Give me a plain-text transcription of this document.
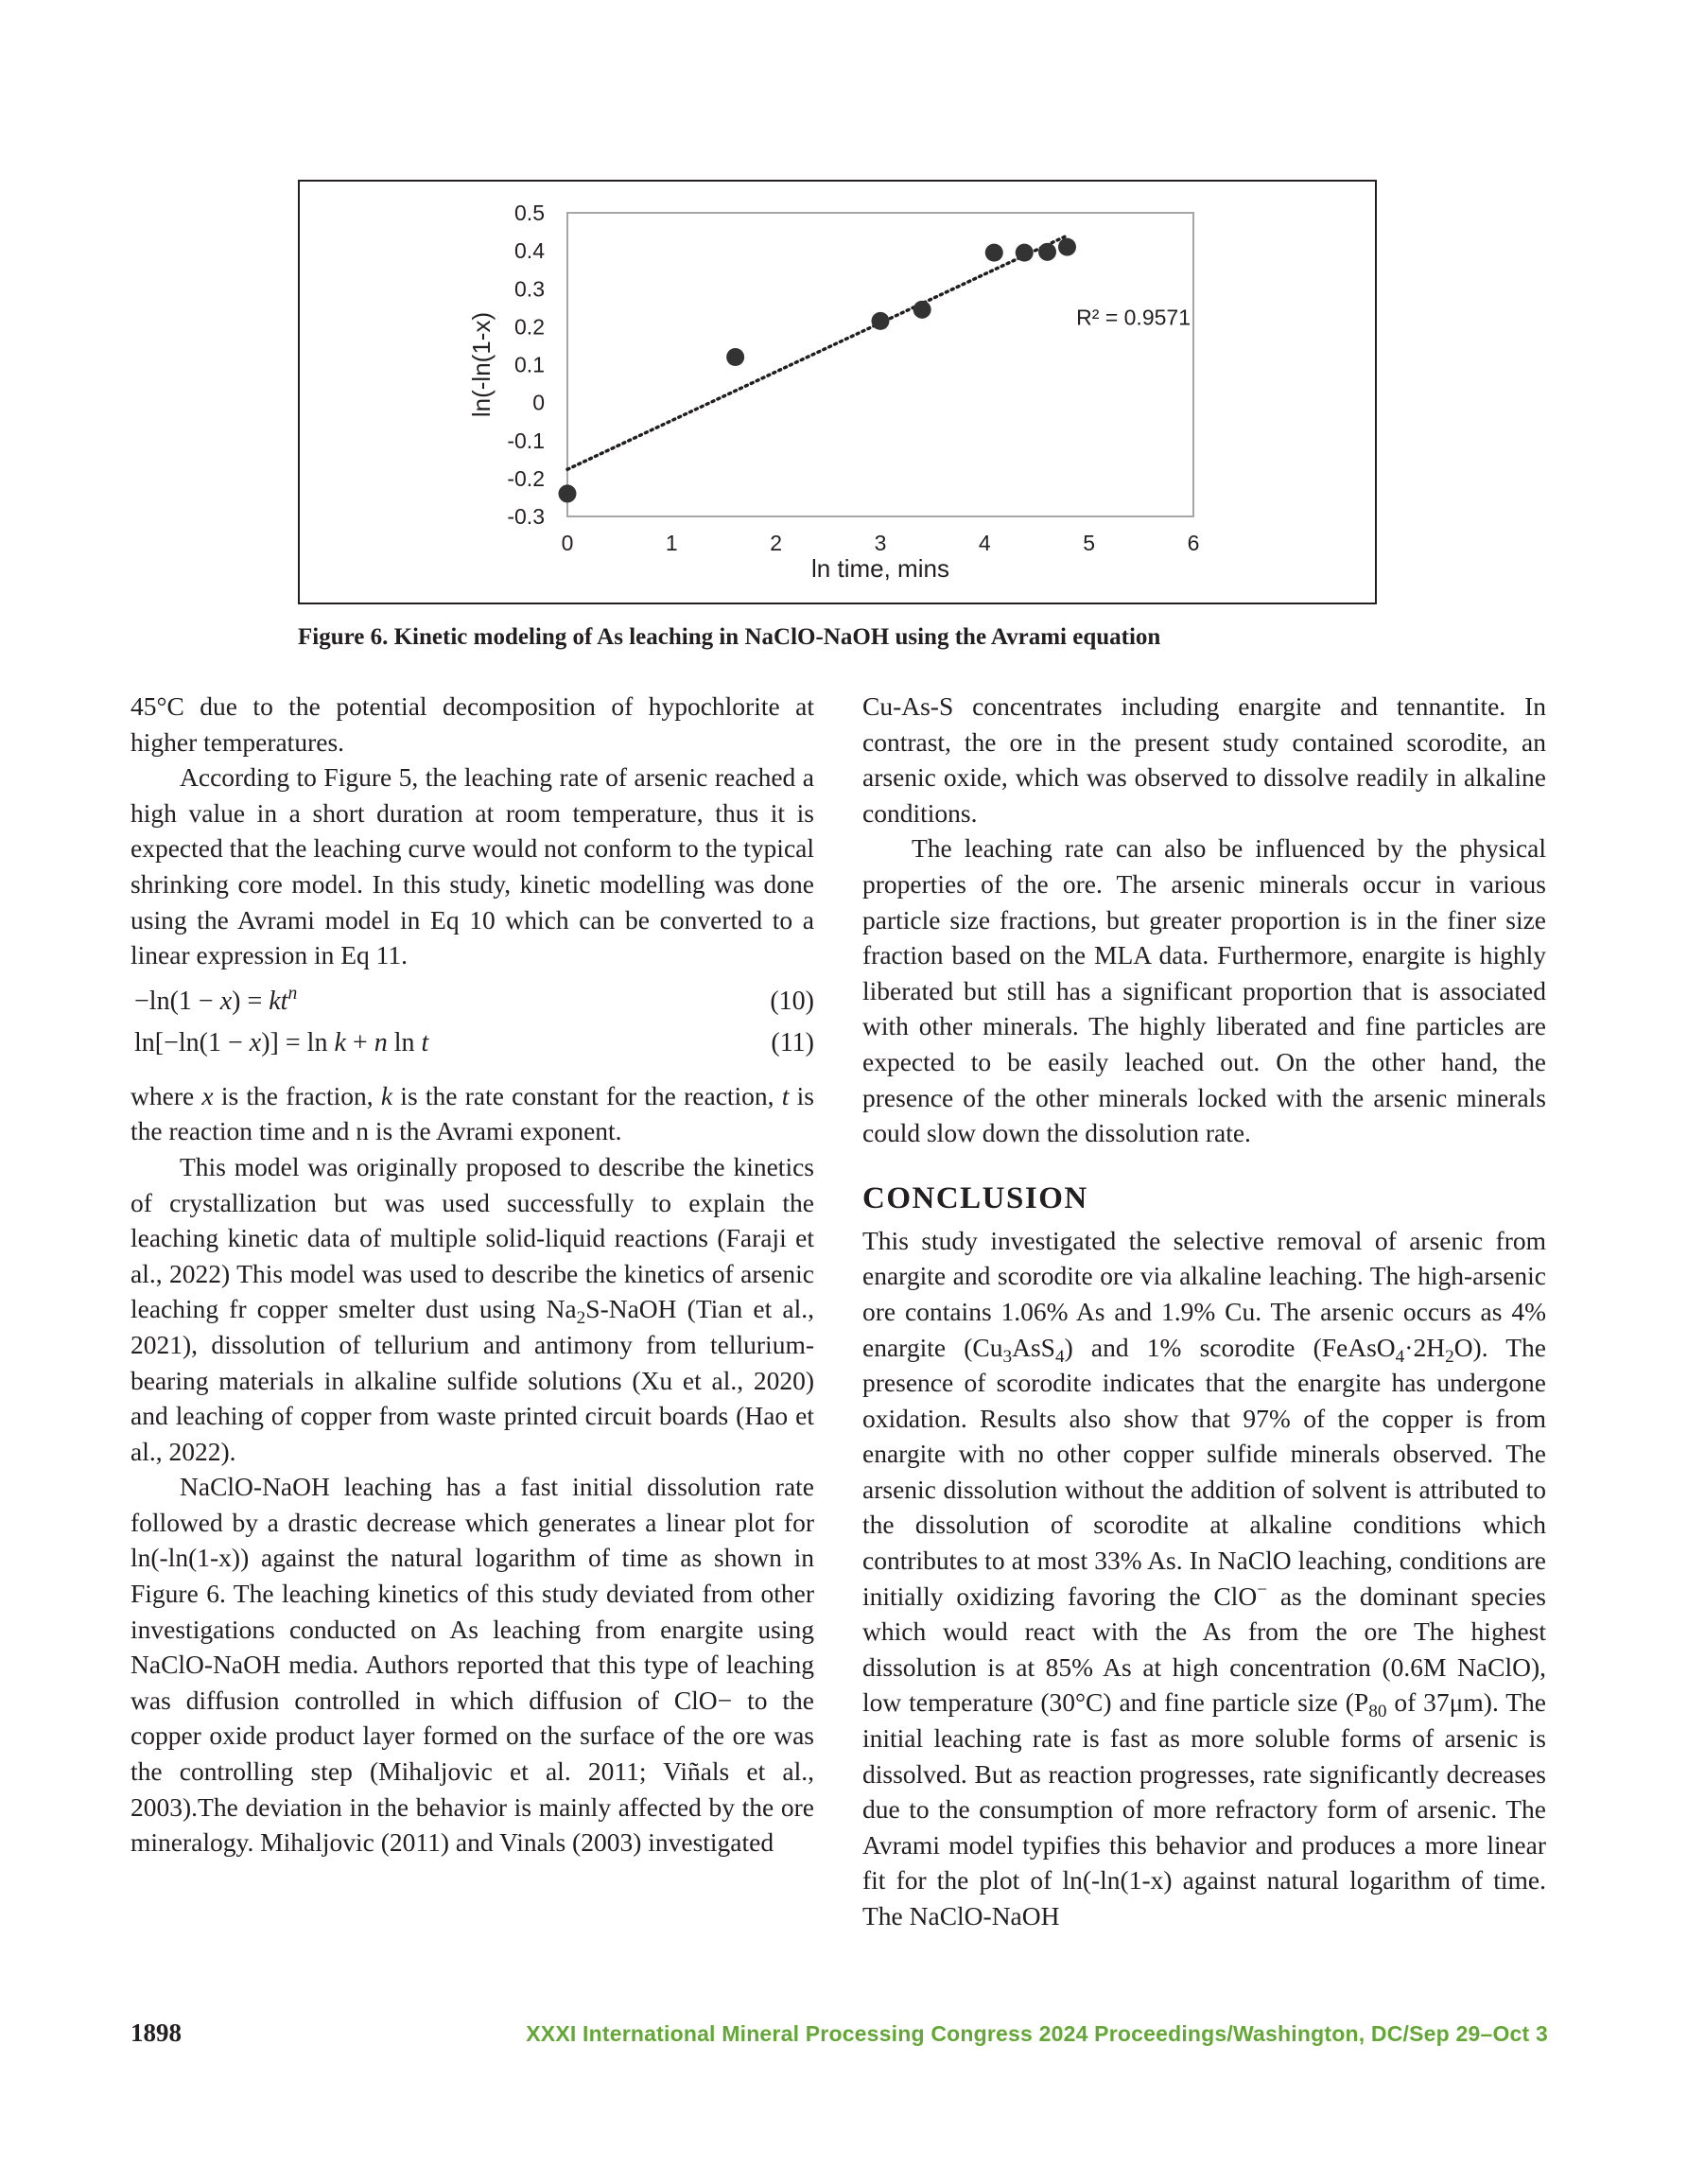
0.5
0.4
0.3
0.2
0.1
0
-0.1
-0.2
-0.3
0	1	2	3	4	5	6
ln time, mins
ln(-ln(1-x)	R² = 0.9571
Figure 6. Kinetic modeling of As leaching in NaClO-NaOH using the Avrami equation

45°C due to the potential decomposition of hypochlorite at higher temperatures.

According to Figure 5, the leaching rate of arsenic reached a high value in a short duration at room temperature, thus it is expected that the leaching curve would not conform to the typical shrinking core model. In this study, kinetic modelling was done using the Avrami model in Eq 10 which can be converted to a linear expression in Eq 11.

$-\ln(1 - x) = kt^n$	(10)
ln[−ln(1 − x)] = ln k + n ln t	(11)

where x is the fraction, k is the rate constant for the reaction, t is the reaction time and n is the Avrami exponent.

This model was originally proposed to describe the kinetics of crystallization but was used successfully to explain the leaching kinetic data of multiple solid-liquid reactions (Faraji et al., 2022) This model was used to describe the kinetics of arsenic leaching fr copper smelter dust using $Na_2S$-NaOH (Tian et al., 2021), dissolution of tellurium and antimony from tellurium-bearing materials in alkaline sulfide solutions (Xu et al., 2020) and leaching of copper from waste printed circuit boards (Hao et al., 2022).

NaClO-NaOH leaching has a fast initial dissolution rate followed by a drastic decrease which generates a linear plot for ln(-ln(1-x)) against the natural logarithm of time as shown in Figure 6. The leaching kinetics of this study deviated from other investigations conducted on As leaching from enargite using NaClO-NaOH media. Authors reported that this type of leaching was diffusion controlled in which diffusion of ClO− to the copper oxide product layer formed on the surface of the ore was the controlling step (Mihaljovic et al. 2011; Viñals et al., 2003).The deviation in the behavior is mainly affected by the ore mineralogy. Mihaljovic (2011) and Vinals (2003) investigated

Cu-As-S concentrates including enargite and tennantite. In contrast, the ore in the present study contained scorodite, an arsenic oxide, which was observed to dissolve readily in alkaline conditions.

The leaching rate can also be influenced by the physical properties of the ore. The arsenic minerals occur in various particle size fractions, but greater proportion is in the finer size fraction based on the MLA data. Furthermore, enargite is highly liberated but still has a significant proportion that is associated with other minerals. The highly liberated and fine particles are expected to be easily leached out. On the other hand, the presence of the other minerals locked with the arsenic minerals could slow down the dissolution rate.

CONCLUSION

This study investigated the selective removal of arsenic from enargite and scorodite ore via alkaline leaching. The high-arsenic ore contains 1.06% As and 1.9% Cu. The arsenic occurs as 4% enargite $(Cu_3AsS_4)$ and 1% scorodite $(FeAsO_4\cdot 2H_2O)$. The presence of scorodite indicates that the enargite has undergone oxidation. Results also show that 97% of the copper is from enargite with no other copper sulfide minerals observed. The arsenic dissolution without the addition of solvent is attributed to the dissolution of scorodite at alkaline conditions which contributes to at most 33% As. In NaClO leaching, conditions are initially oxidizing favoring the ClO− as the dominant species which would react with the As from the ore The highest dissolution is at 85% As at high concentration (0.6M NaClO), low temperature (30°C) and fine particle size ($P_{80}$ of 37μm). The initial leaching rate is fast as more soluble forms of arsenic is dissolved. But as reaction progresses, rate significantly decreases due to the consumption of more refractory form of arsenic. The Avrami model typifies this behavior and produces a more linear fit for the plot of ln(-ln(1-x) against natural logarithm of time. The NaClO-NaOH

1898	XXXI International Mineral Processing Congress 2024 Proceedings/Washington, DC/Sep 29–Oct 3
